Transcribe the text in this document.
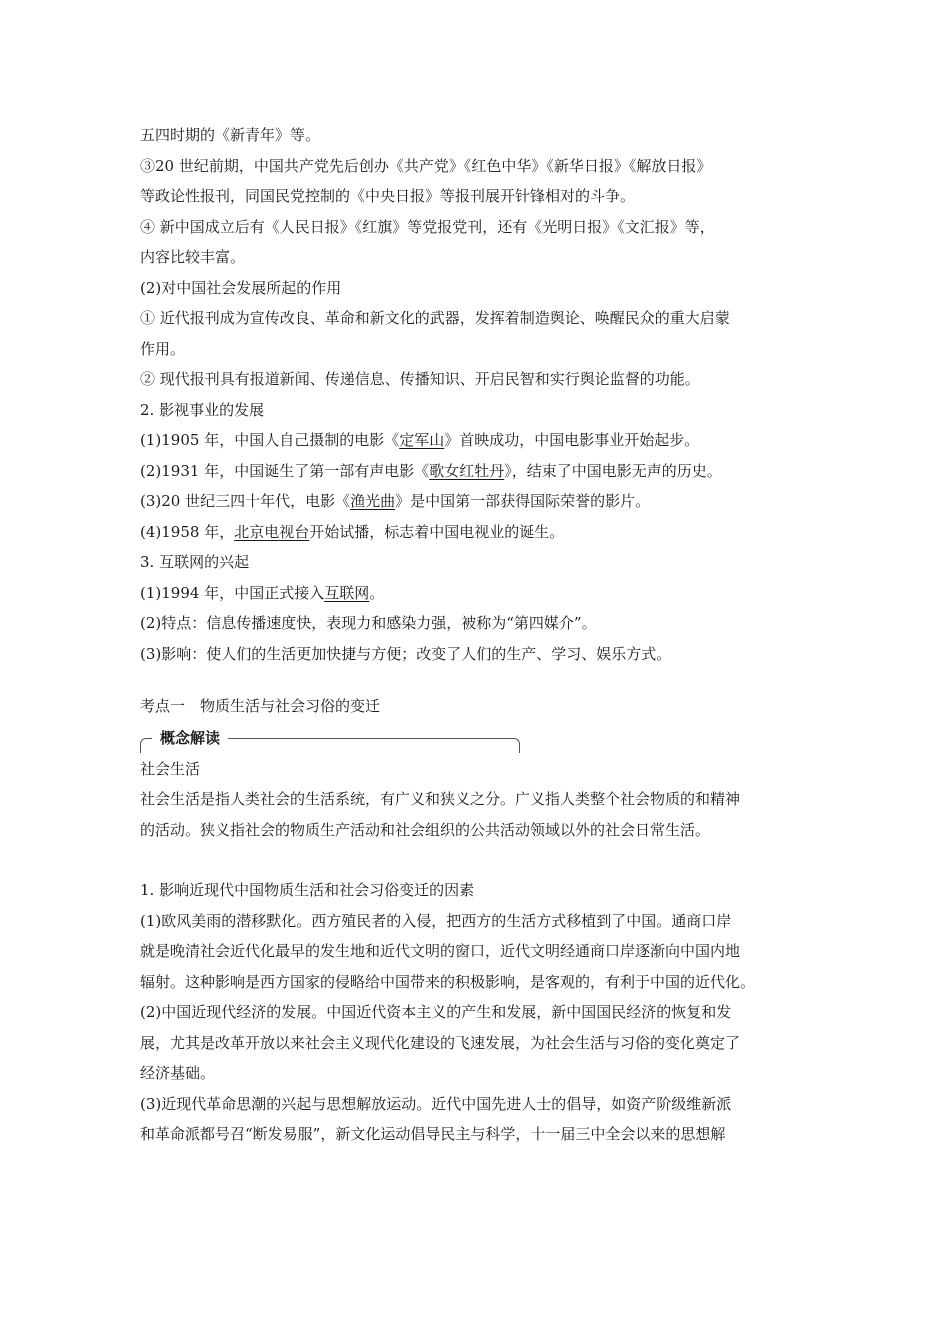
五四时期的《新青年》等。

③20 世纪前期，中国共产党先后创办《共产党》《红色中华》《新华日报》《解放日报》

等政论性报刊，同国民党控制的《中央日报》等报刊展开针锋相对的斗争。

④ 新中国成立后有《人民日报》《红旗》等党报党刊，还有《光明日报》《文汇报》等，

内容比较丰富。

(2)对中国社会发展所起的作用

① 近代报刊成为宣传改良、革命和新文化的武器，发挥着制造舆论、唤醒民众的重大启蒙

作用。

② 现代报刊具有报道新闻、传递信息、传播知识、开启民智和实行舆论监督的功能。

2. 影视事业的发展

(1)1905 年，中国人自己摄制的电影《定军山》首映成功，中国电影事业开始起步。

(2)1931 年，中国诞生了第一部有声电影《歌女红牡丹》，结束了中国电影无声的历史。

(3)20 世纪三四十年代，电影《渔光曲》是中国第一部获得国际荣誉的影片。

(4)1958 年，北京电视台开始试播，标志着中国电视业的诞生。

3. 互联网的兴起

(1)1994 年，中国正式接入互联网。

(2)特点：信息传播速度快，表现力和感染力强，被称为“第四媒介”。

(3)影响：使人们的生活更加快捷与方便；改变了人们的生产、学习、娱乐方式。

考点一　物质生活与社会习俗的变迁

概念解读

社会生活

社会生活是指人类社会的生活系统，有广义和狭义之分。广义指人类整个社会物质的和精神

的活动。狭义指社会的物质生产活动和社会组织的公共活动领域以外的社会日常生活。

1. 影响近现代中国物质生活和社会习俗变迁的因素

(1)欧风美雨的潜移默化。西方殖民者的入侵，把西方的生活方式移植到了中国。通商口岸

就是晚清社会近代化最早的发生地和近代文明的窗口，近代文明经通商口岸逐渐向中国内地

辐射。这种影响是西方国家的侵略给中国带来的积极影响，是客观的，有利于中国的近代化。

(2)中国近现代经济的发展。中国近代资本主义的产生和发展，新中国国民经济的恢复和发

展，尤其是改革开放以来社会主义现代化建设的飞速发展，为社会生活与习俗的变化奠定了

经济基础。

(3)近现代革命思潮的兴起与思想解放运动。近代中国先进人士的倡导，如资产阶级维新派

和革命派都号召“断发易服”，新文化运动倡导民主与科学，十一届三中全会以来的思想解
